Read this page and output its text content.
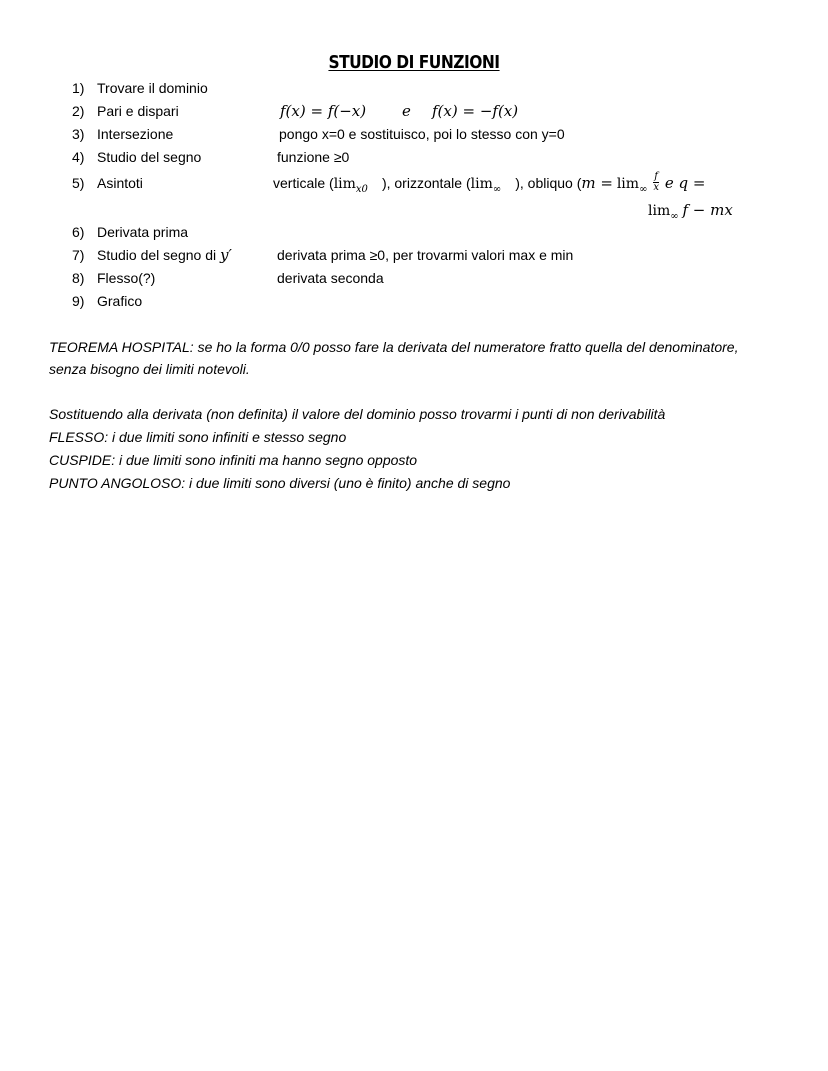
STUDIO DI FUNZIONI
1) Trovare il dominio
2) Pari e dispari	f(x) = f(−x) e f(x) = −f(x)
3) Intersezione	pongo x=0 e sostituisco, poi lo stesso con y=0
4) Studio del segno	funzione ≥0
5) Asintoti	verticale ($\lim_{x0}$ ), orizzontale ($\lim_\infty$ ), obliquo ($m = \lim_\infty \frac{f}{x}$ e q =
$\lim_\infty f$ − mx
6) Derivata prima
7) Studio del segno di y′	derivata prima ≥0, per trovarmi valori max e min
8) Flesso(?)	derivata seconda
9) Grafico
TEOREMA HOSPITAL: se ho la forma 0/0 posso fare la derivata del numeratore fratto quella del denominatore,
senza bisogno dei limiti notevoli.
Sostituendo alla derivata (non definita) il valore del dominio posso trovarmi i punti di non derivabilità
FLESSO: i due limiti sono infiniti e stesso segno
CUSPIDE: i due limiti sono infiniti ma hanno segno opposto
PUNTO ANGOLOSO: i due limiti sono diversi (uno è finito) anche di segno
